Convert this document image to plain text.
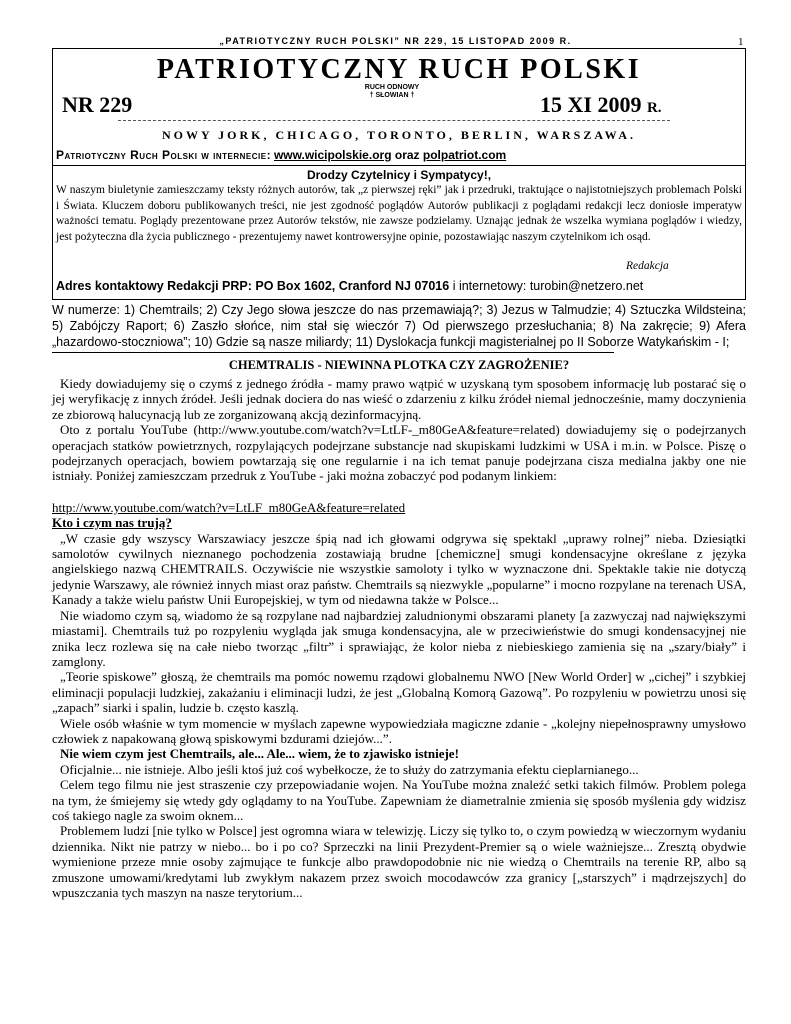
„PATRIOTYCZNY RUCH POLSKI” NR 229, 15 LISTOPAD 2009 R.	1
PATRIOTYCZNY RUCH POLSKI
NR 229
RUCH ODNOWY
† SŁOWIAN †	15 XI 2009 R.
NOWY JORK, CHICAGO, TORONTO, BERLIN, WARSZAWA.
Patriotyczny Ruch Polski w internecie: www.wicipolskie.org oraz polpatriot.com
Drodzy Czytelnicy i Sympatycy!,
W naszym biuletynie zamieszczamy teksty różnych autorów, tak „z pierwszej ręki” jak i przedruki, traktujące o najistotniejszych problemach Polski i Świata. Kluczem doboru publikowanych treści, nie jest zgodność poglądów Autorów publikacji z poglądami redakcji lecz doniosłe imperatyw ważności tematu. Poglądy prezentowane przez Autorów tekstów, nie zawsze podzielamy. Uznając jednak że wszelka wymiana poglądów i wiedzy, jest pożyteczna dla życia publicznego - prezentujemy nawet kontrowersyjne opinie, pozostawiając naszym czytelnikom ich osąd.
Redakcja
Adres kontaktowy Redakcji PRP: PO Box 1602, Cranford NJ 07016 i internetowy: turobin@netzero.net
W numerze: 1) Chemtrails; 2) Czy Jego słowa jeszcze do nas przemawiają?; 3) Jezus w Talmudzie; 4) Sztuczka Wildsteina; 5) Zabójczy Raport; 6) Zaszło słońce, nim stał się wieczór 7) Od pierwszego przesłuchania; 8) Na zakręcie; 9) Afera „hazardowo-stoczniowa”; 10) Gdzie są nasze miliardy; 11) Dyslokacja funkcji magisterialnej po II Soborze Watykańskim - I;
CHEMTRALIS - NIEWINNA PLOTKA CZY ZAGROŻENIE?

Kiedy dowiadujemy się o czymś z jednego źródła - mamy prawo wątpić w uzyskaną tym sposobem informację lub postarać się o jej weryfikację z innych źródeł. Jeśli jednak dociera do nas wieść o zdarzeniu z kilku źródeł niemal jednocześnie, mamy doczynienia ze zbiorową halucynacją lub ze zorganizowaną akcją dezinformacyjną.

Oto z portalu YouTube (http://www.youtube.com/watch?v=LtLF-_m80GeA&feature=related) dowiadujemy się o podejrzanych operacjach statków powietrznych, rozpylających podejrzane substancje nad skupiskami ludzkimi w USA i m.in. w Polsce. Piszę o podejrzanych operacjach, bowiem powtarzają się one regularnie i na ich temat panuje podejrzana cisza medialna jakby one nie istniały. Poniżej zamieszczam przedruk z YouTube - jaki można zobaczyć pod podanym linkiem:

http://www.youtube.com/watch?v=LtLF_m80GeA&feature=related

Kto i czym nas trują?

„W czasie gdy wszyscy Warszawiacy jeszcze śpią nad ich głowami odgrywa się spektakl „uprawy rolnej” nieba. Dziesiątki samolotów cywilnych nieznanego pochodzenia zostawiają brudne [chemiczne] smugi kondensacyjne określane z języka angielskiego nazwą CHEMTRAILS. Oczywiście nie wszystkie samoloty i tylko w wyznaczone dni. Spektakle takie nie dotyczą jedynie Warszawy, ale również innych miast oraz państw. Chemtrails są niezwykle „popularne” i mocno rozpylane na terenach USA, Kanady a także wielu państw Unii Europejskiej, w tym od niedawna także w Polsce...

Nie wiadomo czym są, wiadomo że są rozpylane nad najbardziej zaludnionymi obszarami planety [a zazwyczaj nad największymi miastami]. Chemtrails tuż po rozpyleniu wygląda jak smuga kondensacyjna, ale w przeciwieństwie do smugi kondensacyjnej nie znika lecz rozlewa się na całe niebo tworząc „filtr” i sprawiając, że kolor nieba z niebieskiego zamienia się na „szary/biały” i zamglony.

„Teorie spiskowe” głoszą, że chemtrails ma pomóc nowemu rządowi globalnemu NWO [New World Order] w „cichej” i szybkiej eliminacji populacji ludzkiej, zakażaniu i eliminacji ludzi, że jest „Globalną Komorą Gazową”. Po rozpyleniu w powietrzu unosi się „zapach” siarki i spalin, ludzie b. często kaszlą.

Wiele osób właśnie w tym momencie w myślach zapewne wypowiedziała magiczne zdanie - „kolejny niepełnosprawny umysłowo człowiek z napakowaną głową spiskowymi bzdurami dziejów...”.

Nie wiem czym jest Chemtrails, ale... Ale... wiem, że to zjawisko istnieje!

Oficjalnie... nie istnieje. Albo jeśli ktoś już coś wybełkocze, że to służy do zatrzymania efektu cieplarnianego...

Celem tego filmu nie jest straszenie czy przepowiadanie wojen. Na YouTube można znaleźć setki takich filmów. Problem polega na tym, że śmiejemy się wtedy gdy oglądamy to na YouTube. Zapewniam że diametralnie zmienia się sposób myślenia gdy widzisz coś takiego nagle za swoim oknem...

Problemem ludzi [nie tylko w Polsce] jest ogromna wiara w telewizję. Liczy się tylko to, o czym powiedzą w wieczornym wydaniu dziennika. Nikt nie patrzy w niebo... bo i po co? Sprzeczki na linii Prezydent-Premier są o wiele ważniejsze... Zresztą obydwie wymienione przeze mnie osoby zajmujące te funkcje albo prawdopodobnie nic nie wiedzą o Chemtrails na terenie RP, albo są zmuszone umowami/kredytami lub zwykłym nakazem przez swoich mocodawców zza granicy [„starszych” i mądrzejszych] do wpuszczania tych maszyn na nasze terytorium...
